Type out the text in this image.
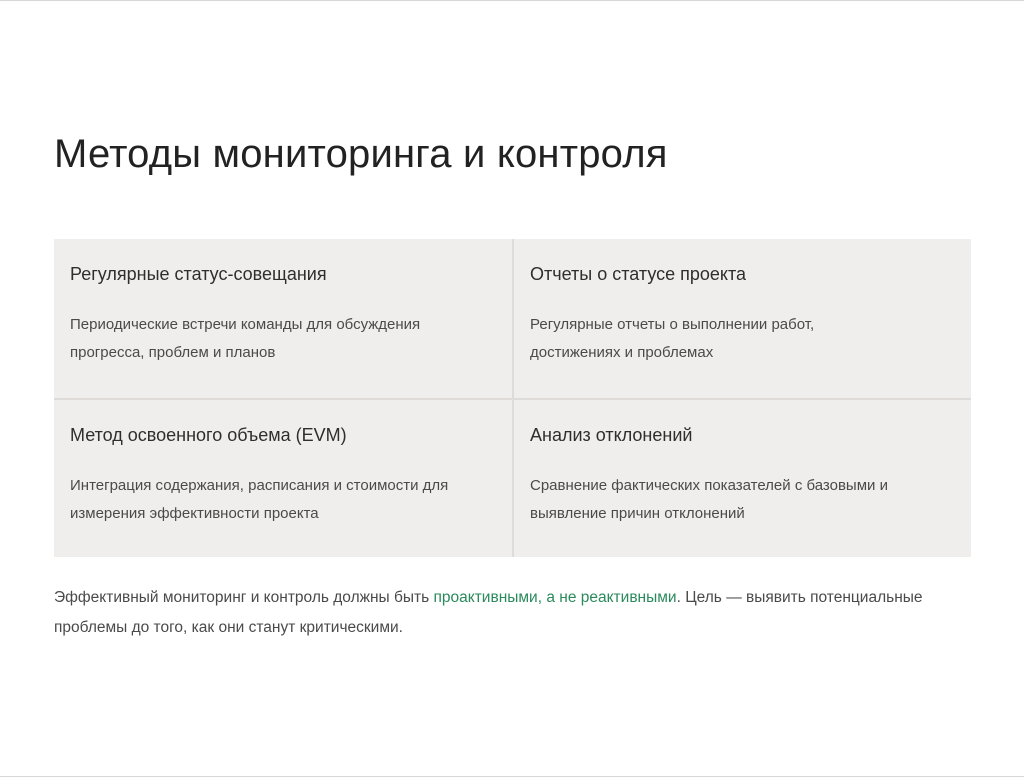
Методы мониторинга и контроля

Регулярные статус-совещания

Периодические встречи команды для обсуждения прогресса, проблем и планов

Отчеты о статусе проекта

Регулярные отчеты о выполнении работ, достижениях и проблемах

Метод освоенного объема (EVM)

Интеграция содержания, расписания и стоимости для измерения эффективности проекта

Анализ отклонений

Сравнение фактических показателей с базовыми и выявление причин отклонений

Эффективный мониторинг и контроль должны быть проактивными, а не реактивными. Цель — выявить потенциальные проблемы до того, как они станут критическими.
